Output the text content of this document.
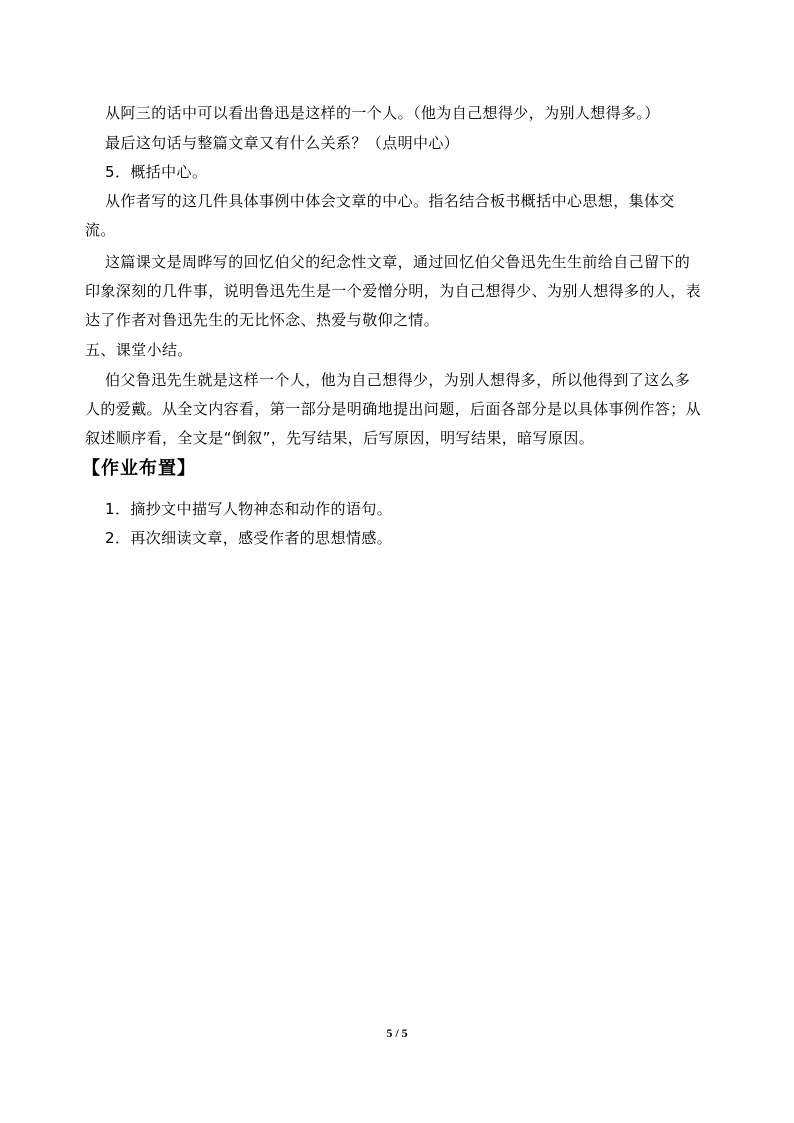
从阿三的话中可以看出鲁迅是这样的一个人。（他为自己想得少，为别人想得多。）
最后这句话与整篇文章又有什么关系？（点明中心）
5．概括中心。
从作者写的这几件具体事例中体会文章的中心。指名结合板书概括中心思想，集体交
流。
这篇课文是周晔写的回忆伯父的纪念性文章，通过回忆伯父鲁迅先生生前给自己留下的
印象深刻的几件事，说明鲁迅先生是一个爱憎分明，为自己想得少、为别人想得多的人，表
达了作者对鲁迅先生的无比怀念、热爱与敬仰之情。
五、课堂小结。
伯父鲁迅先生就是这样一个人，他为自己想得少，为别人想得多，所以他得到了这么多
人的爱戴。从全文内容看，第一部分是明确地提出问题，后面各部分是以具体事例作答；从
叙述顺序看，全文是“倒叙”，先写结果，后写原因，明写结果，暗写原因。
【作业布置】
1．摘抄文中描写人物神态和动作的语句。
2．再次细读文章，感受作者的思想情感。
5 / 5
